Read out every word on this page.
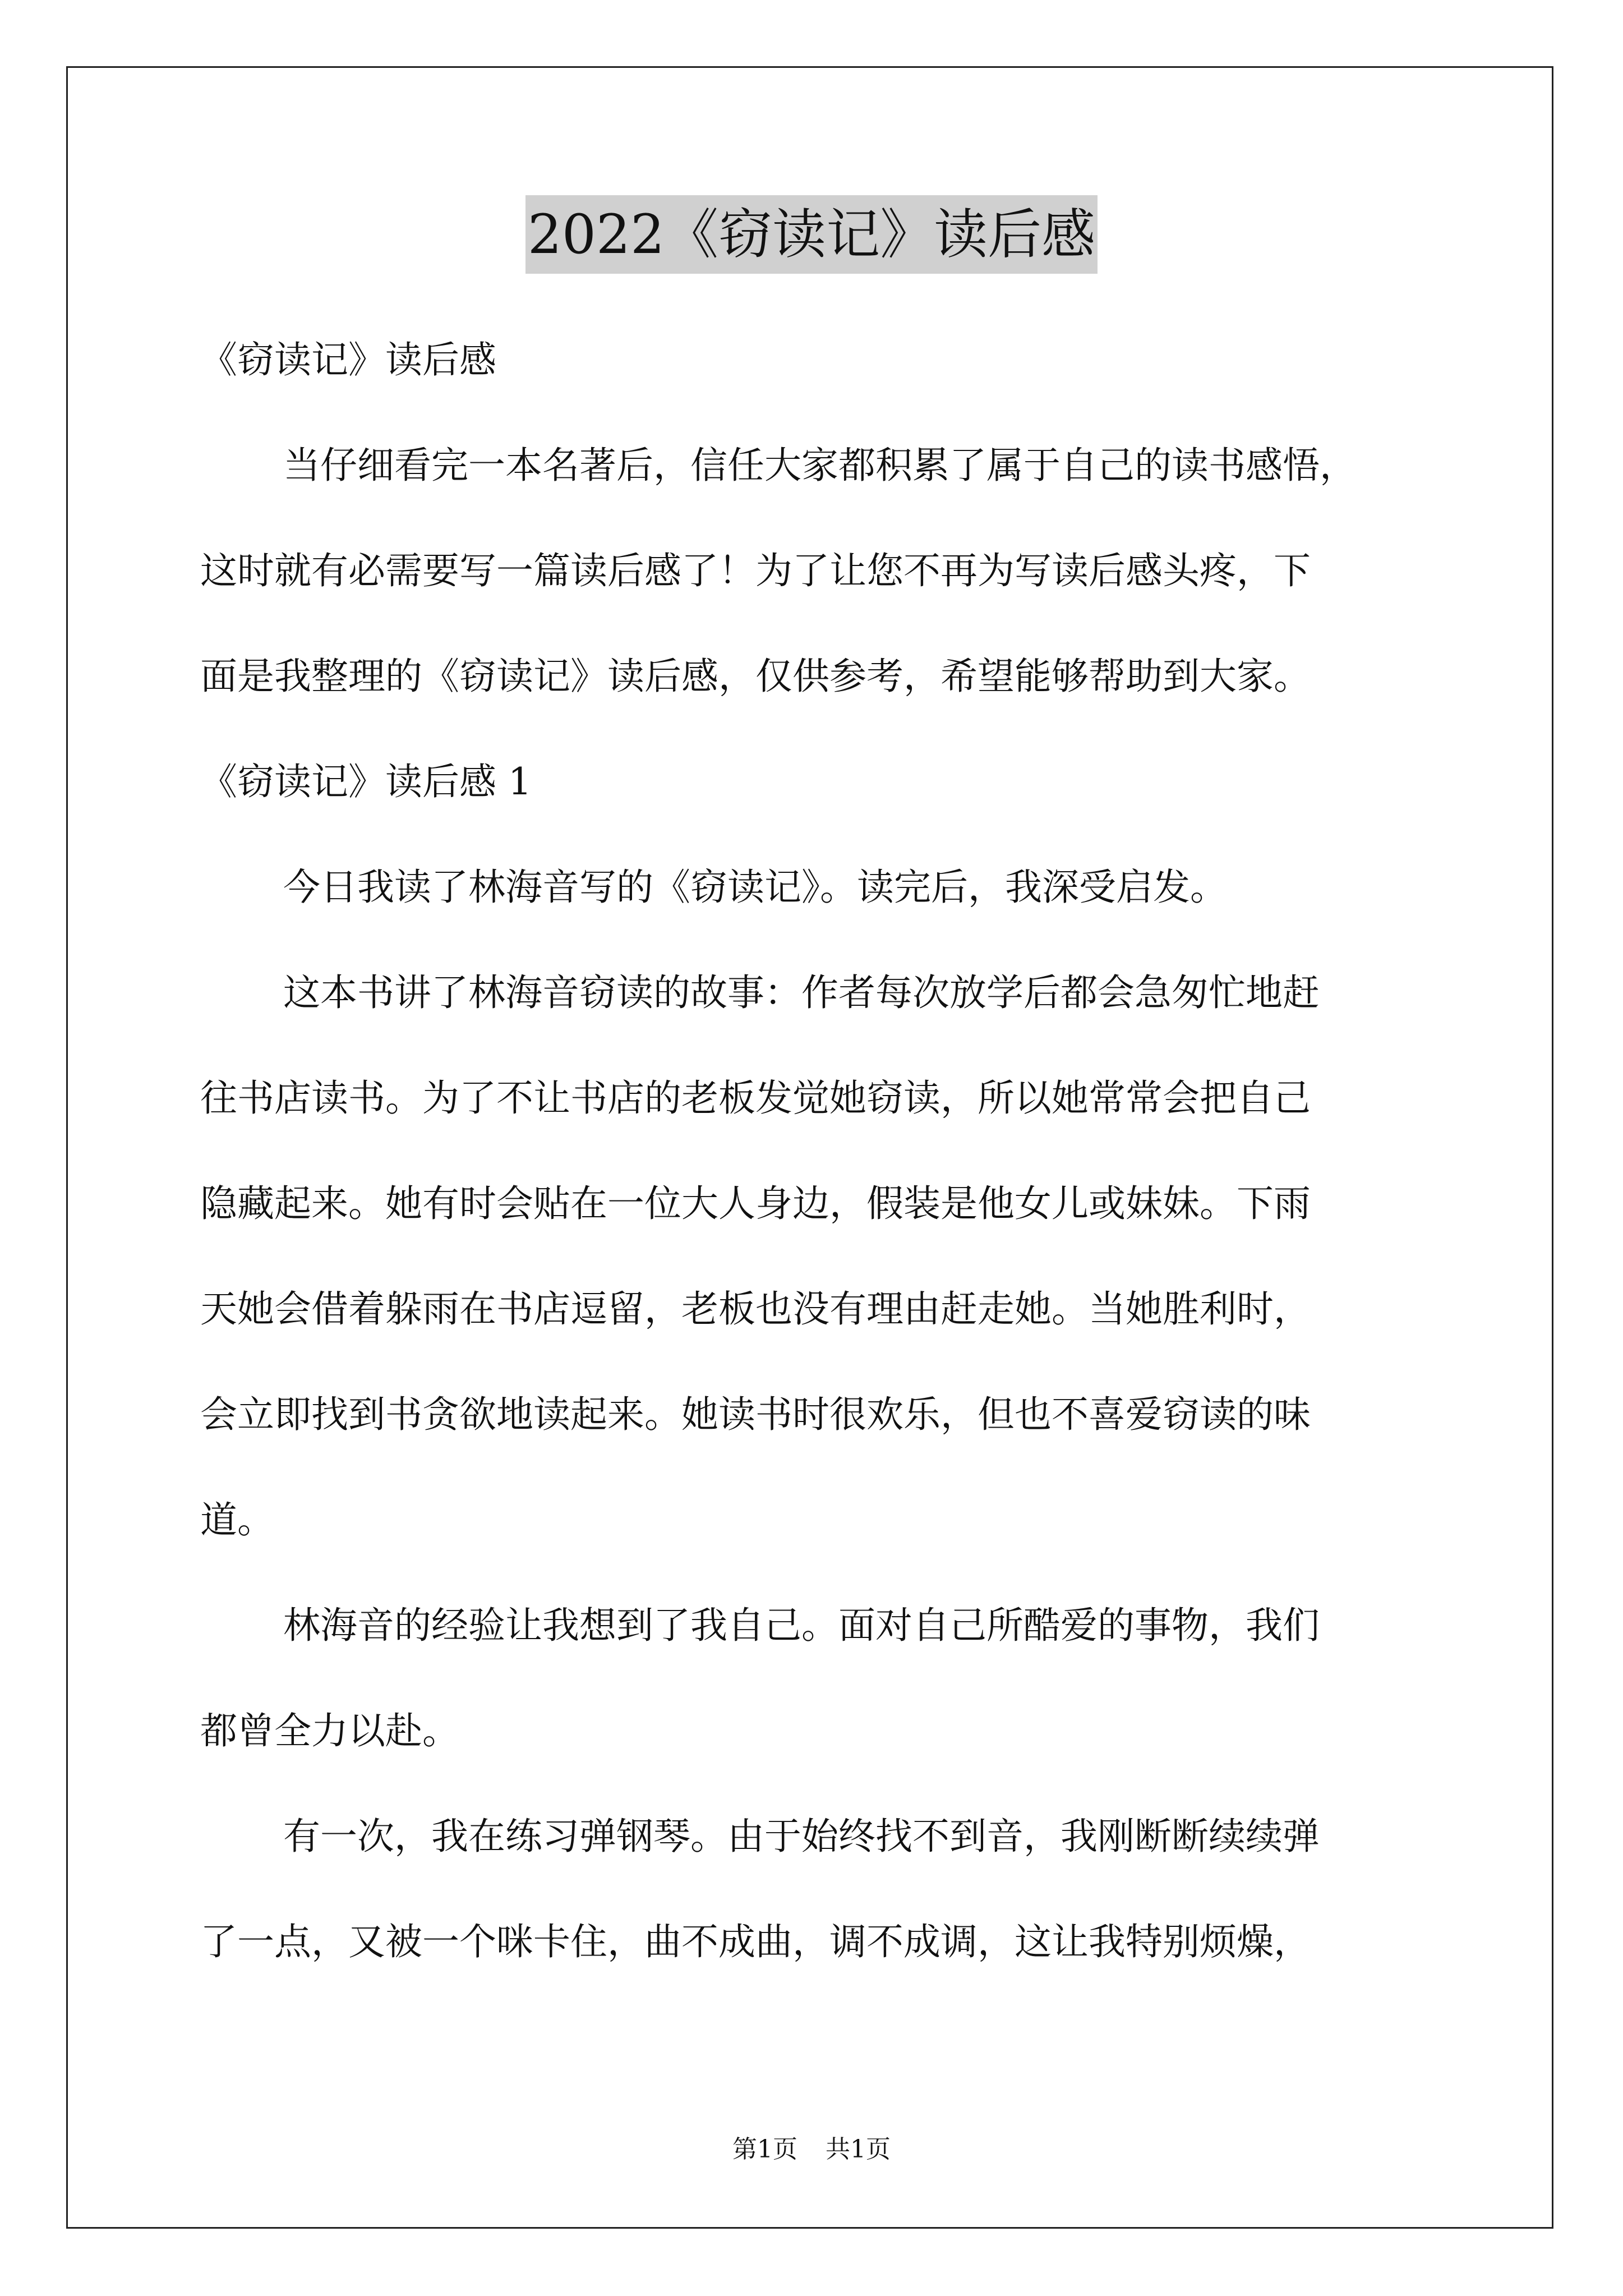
2022《窃读记》读后感
《窃读记》读后感
当仔细看完一本名著后，信任大家都积累了属于自己的读书感悟，
这时就有必需要写一篇读后感了！为了让您不再为写读后感头疼，下
面是我整理的《窃读记》读后感，仅供参考，希望能够帮助到大家。
《窃读记》读后感 1
今日我读了林海音写的《窃读记》。读完后，我深受启发。
这本书讲了林海音窃读的故事：作者每次放学后都会急匆忙地赶
往书店读书。为了不让书店的老板发觉她窃读，所以她常常会把自己
隐藏起来。她有时会贴在一位大人身边，假装是他女儿或妹妹。下雨
天她会借着躲雨在书店逗留，老板也没有理由赶走她。当她胜利时，
会立即找到书贪欲地读起来。她读书时很欢乐，但也不喜爱窃读的味
道。
林海音的经验让我想到了我自己。面对自己所酷爱的事物，我们
都曾全力以赴。
有一次，我在练习弹钢琴。由于始终找不到音，我刚断断续续弹
了一点，又被一个咪卡住，曲不成曲，调不成调，这让我特别烦燥，
第1页 共1页
